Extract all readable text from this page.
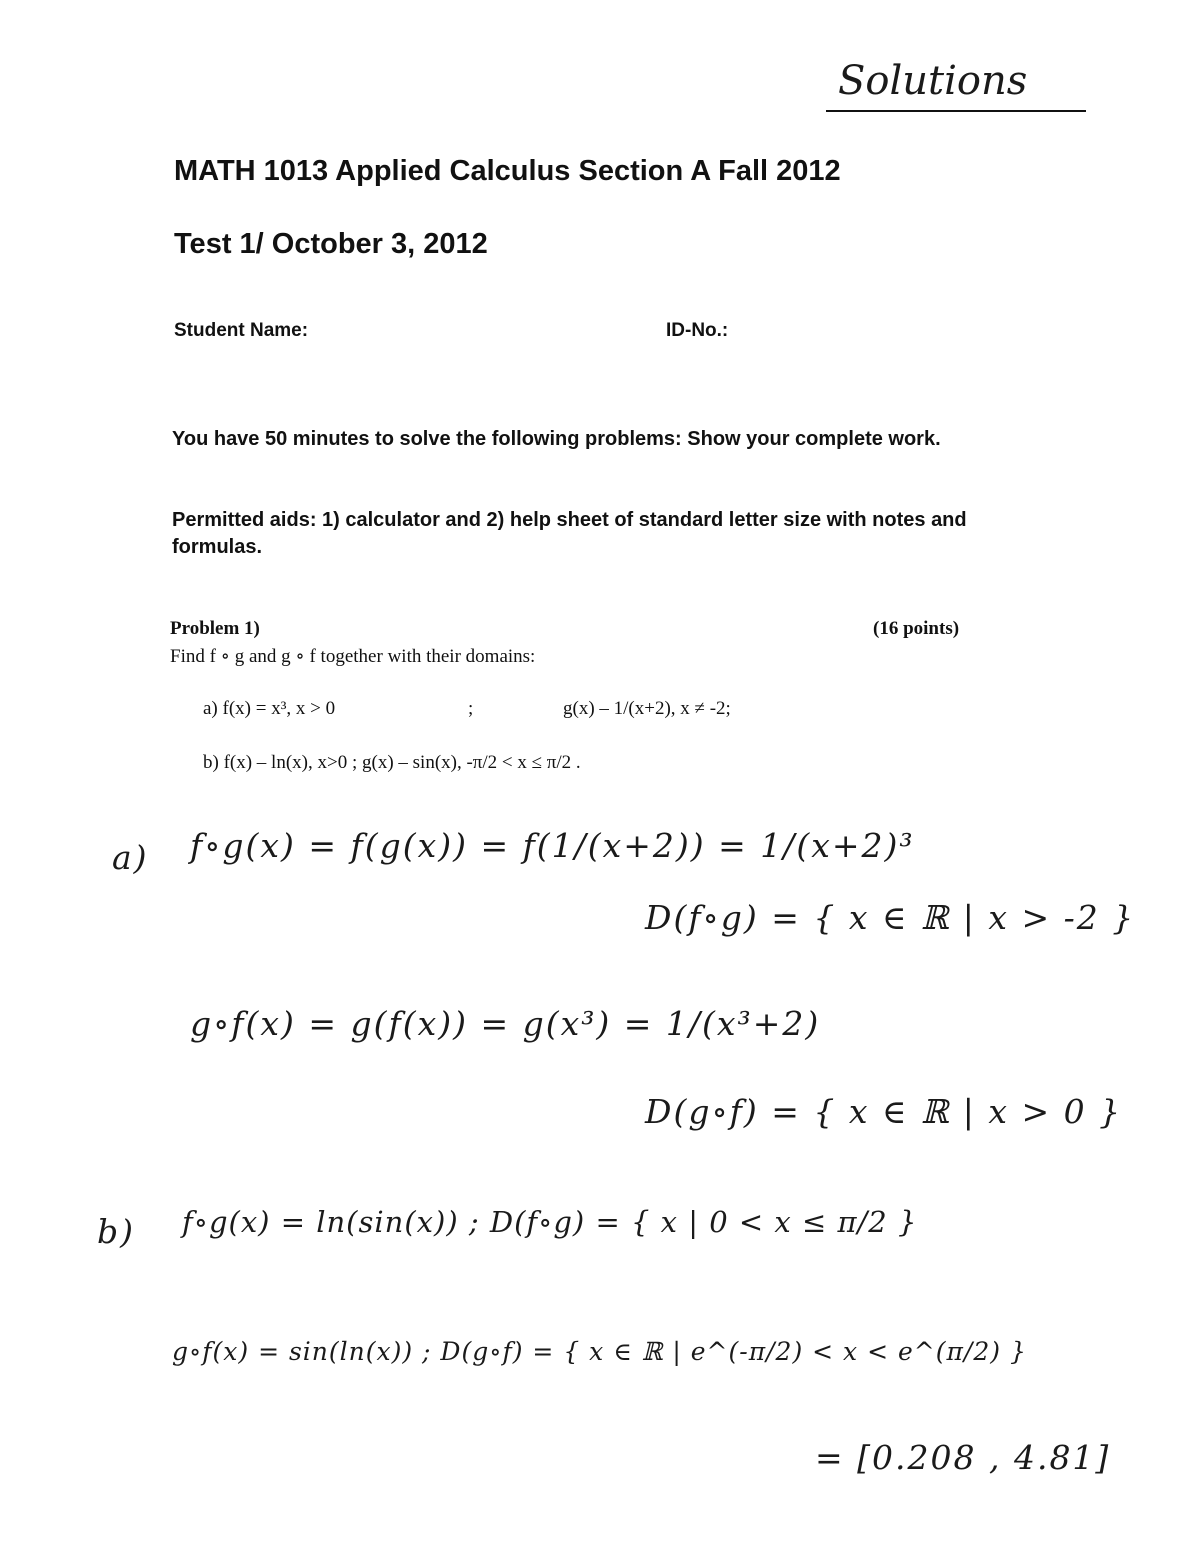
Solutions
MATH 1013 Applied Calculus Section A Fall 2012
Test 1/ October 3, 2012
Student Name:	ID-No.:
You have 50 minutes to solve the following problems: Show your complete work.
Permitted aids: 1) calculator and 2) help sheet of standard letter size with notes and formulas.
Problem 1)	(16 points)
Find f ∘ g and g ∘ f together with their domains:
a) f(x) = x³, x > 0	;	g(x) – 1/(x+2), x ≠ -2;
b) f(x) – ln(x), x>0 ; g(x) – sin(x), -π/2 < x ≤ π/2 .
a) f∘g(x) = f(g(x)) = f(1/(x+2)) = 1/(x+2)³
D(f∘g) = { x ∈ ℝ | x > -2 }
g∘f(x) = g(f(x)) = g(x³) = 1/(x³+2)
D(g∘f) = { x ∈ ℝ | x > 0 }
b) f∘g(x) = ln(sin(x)) ; D(f∘g) = { x | 0 < x ≤ π/2 }
g∘f(x) = sin(ln(x)) ; D(g∘f) = { x ∈ ℝ | e^(-π/2) < x < e^(π/2) }
= [0.208 , 4.81]
